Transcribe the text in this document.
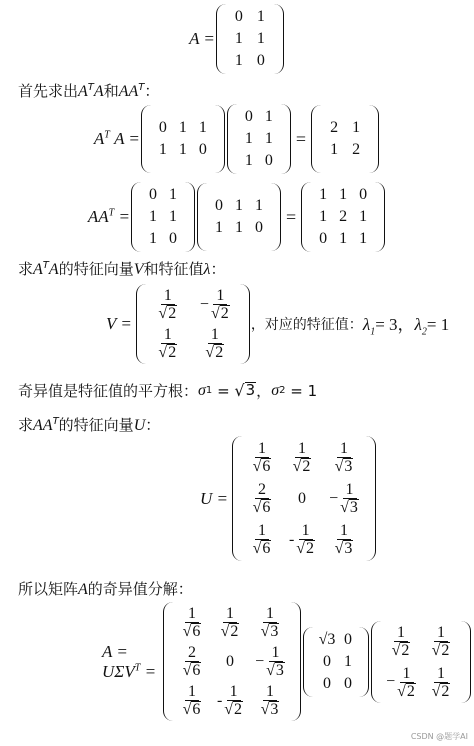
A =
0 1
1 1
1 0
首先求出$A^TA$和$AA^T$：
$A^T$ A =
0 1 1
1 1 0
0 1
1 1
1 0
=
2 1
1 2
$AA^T$ =
0 1
1 1
1 0
0 1 1
1 1 0
=
1 1 0
1 2 1
0 1 1
求$A^TA$的特征向量V和特征值λ：
V =
$\frac{1}{√ 2} - \frac{1}{√ 2}$
$\frac{1}{√ 2} \frac{1}{√ 2}$
，对应的特征值： $\lambda_1= 3$，$\lambda_2= 1$
奇异值是特征值的平方根： σ 1
=
√ 3 ， σ 2
= 1
求$AA^T$的特征向量U：
U =
$\frac{1}{√ 6} \frac{1}{√ 2} \frac{1}{√ 3}$
$\frac{2}{√ 6} 0 - \frac{1}{√ 3}$
$\frac{1}{√ 6} - \frac{1}{√ 2} \frac{1}{√ 3}$
所以矩阵A的奇异值分解：
$A = U\Sigma V^T$ =
$\frac{1}{√ 6} \frac{1}{√ 2} \frac{1}{√ 3}$
$\frac{2}{√ 6} 0 - \frac{1}{√ 3}$
$\frac{1}{√ 6} - \frac{1}{√ 2} \frac{1}{√ 3}$
√3 0
0 1
0 0
$\frac{1}{√ 2} \frac{1}{√ 2}$
− $\frac{1}{√ 2} \frac{1}{√ 2}$
CSDN @题学AI
